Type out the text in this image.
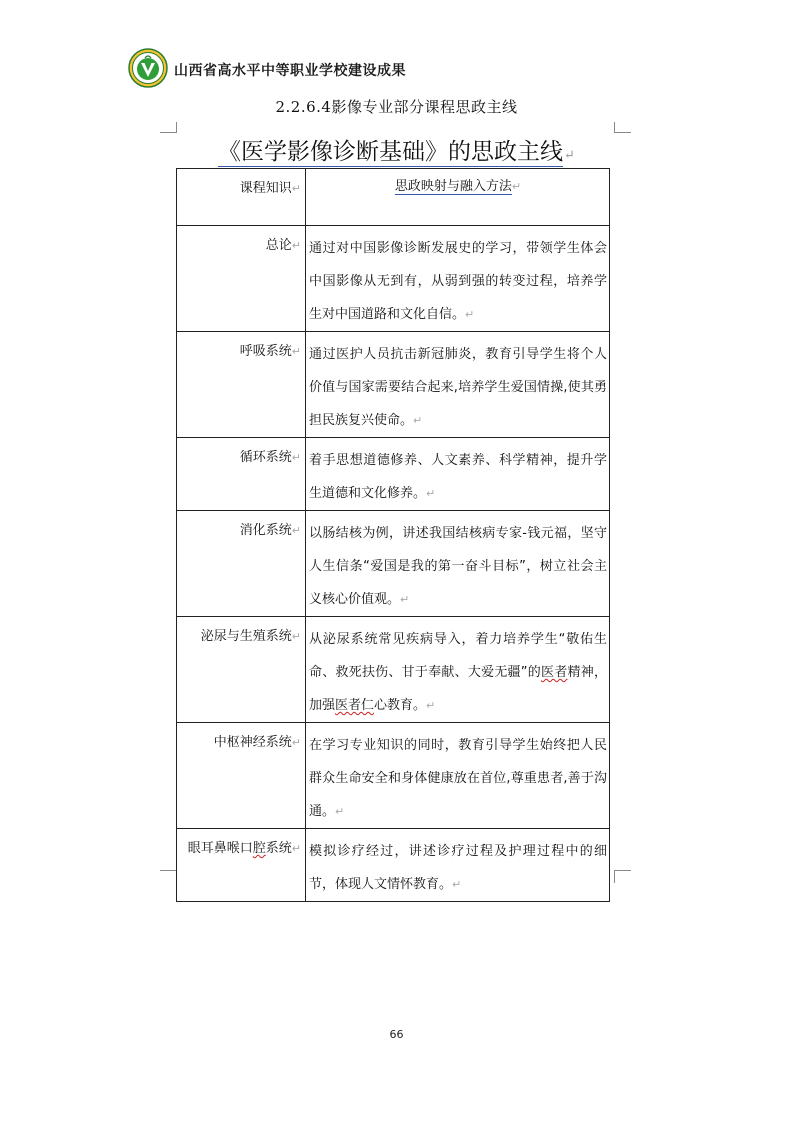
山西省高水平中等职业学校建设成果
2.2.6.4影像专业部分课程思政主线
《医学影像诊断基础》的思政主线↵
课程知识↵	思政映射与融入方法↵
总论↵	通过对中国影像诊断发展史的学习，带领学生体会中国影像从无到有，从弱到强的转变过程，培养学生对中国道路和文化自信。↵
呼吸系统↵	通过医护人员抗击新冠肺炎，教育引导学生将个人价值与国家需要结合起来,培养学生爱国情操,使其勇担民族复兴使命。↵
循环系统↵	着手思想道德修养、人文素养、科学精神，提升学生道德和文化修养。↵
消化系统↵	以肠结核为例，讲述我国结核病专家-钱元福，坚守人生信条“爱国是我的第一奋斗目标”，树立社会主义核心价值观。↵
泌尿与生殖系统↵	从泌尿系统常见疾病导入，着力培养学生“敬佑生命、救死扶伤、甘于奉献、大爱无疆”的医者精神，加强医者仁心教育。↵
中枢神经系统↵	在学习专业知识的同时，教育引导学生始终把人民群众生命安全和身体健康放在首位,尊重患者,善于沟通。↵
眼耳鼻喉口腔系统↵	模拟诊疗经过，讲述诊疗过程及护理过程中的细节，体现人文情怀教育。↵
66
